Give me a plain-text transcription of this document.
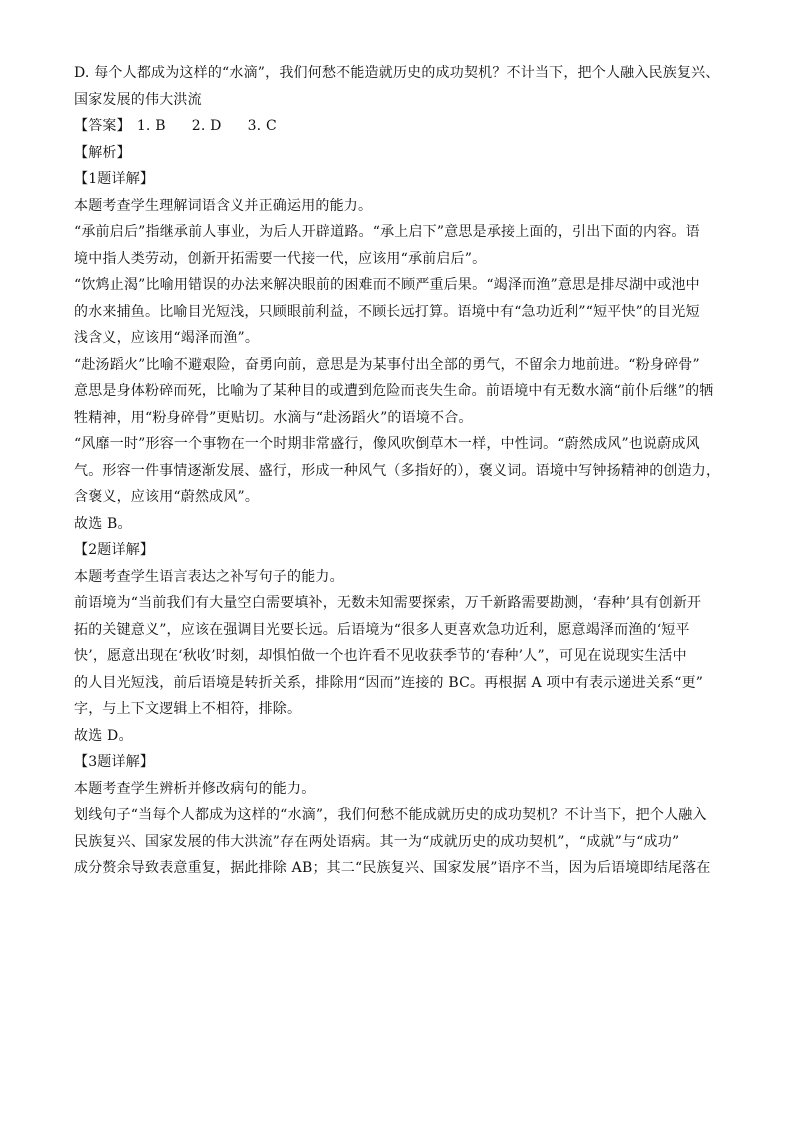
D. 每个人都成为这样的“水滴”，我们何愁不能造就历史的成功契机？不计当下，把个人融入民族复兴、
国家发展的伟大洪流
【答案】 1. B 2. D 3. C
【解析】
【1题详解】
本题考查学生理解词语含义并正确运用的能力。
“承前启后”指继承前人事业，为后人开辟道路。“承上启下”意思是承接上面的，引出下面的内容。语
境中指人类劳动，创新开拓需要一代接一代，应该用“承前启后”。
“饮鸩止渴”比喻用错误的办法来解决眼前的困难而不顾严重后果。“竭泽而渔”意思是排尽湖中或池中
的水来捕鱼。比喻目光短浅，只顾眼前利益，不顾长远打算。语境中有“急功近利”“短平快”的目光短
浅含义，应该用“竭泽而渔”。
“赴汤蹈火”比喻不避艰险，奋勇向前，意思是为某事付出全部的勇气，不留余力地前进。“粉身碎骨”
意思是身体粉碎而死，比喻为了某种目的或遭到危险而丧失生命。前语境中有无数水滴“前仆后继”的牺
牲精神，用“粉身碎骨”更贴切。水滴与“赴汤蹈火”的语境不合。
“风靡一时”形容一个事物在一个时期非常盛行，像风吹倒草木一样，中性词。“蔚然成风”也说蔚成风
气。形容一件事情逐渐发展、盛行，形成一种风气（多指好的），褒义词。语境中写钟扬精神的创造力，
含褒义，应该用“蔚然成风”。
故选 B。
【2题详解】
本题考查学生语言表达之补写句子的能力。
前语境为“当前我们有大量空白需要填补，无数未知需要探索，万千新路需要勘测，‘春种’具有创新开
拓的关键意义”，应该在强调目光要长远。后语境为“很多人更喜欢急功近利，愿意竭泽而渔的‘短平
快’，愿意出现在‘秋收’时刻，却惧怕做一个也许看不见收获季节的‘春种’人”，可见在说现实生活中
的人目光短浅，前后语境是转折关系，排除用“因而”连接的 BC。再根据 A 项中有表示递进关系“更”
字，与上下文逻辑上不相符，排除。
故选 D。
【3题详解】
本题考查学生辨析并修改病句的能力。
划线句子“当每个人都成为这样的“水滴”，我们何愁不能成就历史的成功契机？不计当下，把个人融入
民族复兴、国家发展的伟大洪流”存在两处语病。其一为“成就历史的成功契机”，“成就”与“成功”
成分赘余导致表意重复，据此排除 AB；其二“民族复兴、国家发展”语序不当，因为后语境即结尾落在
